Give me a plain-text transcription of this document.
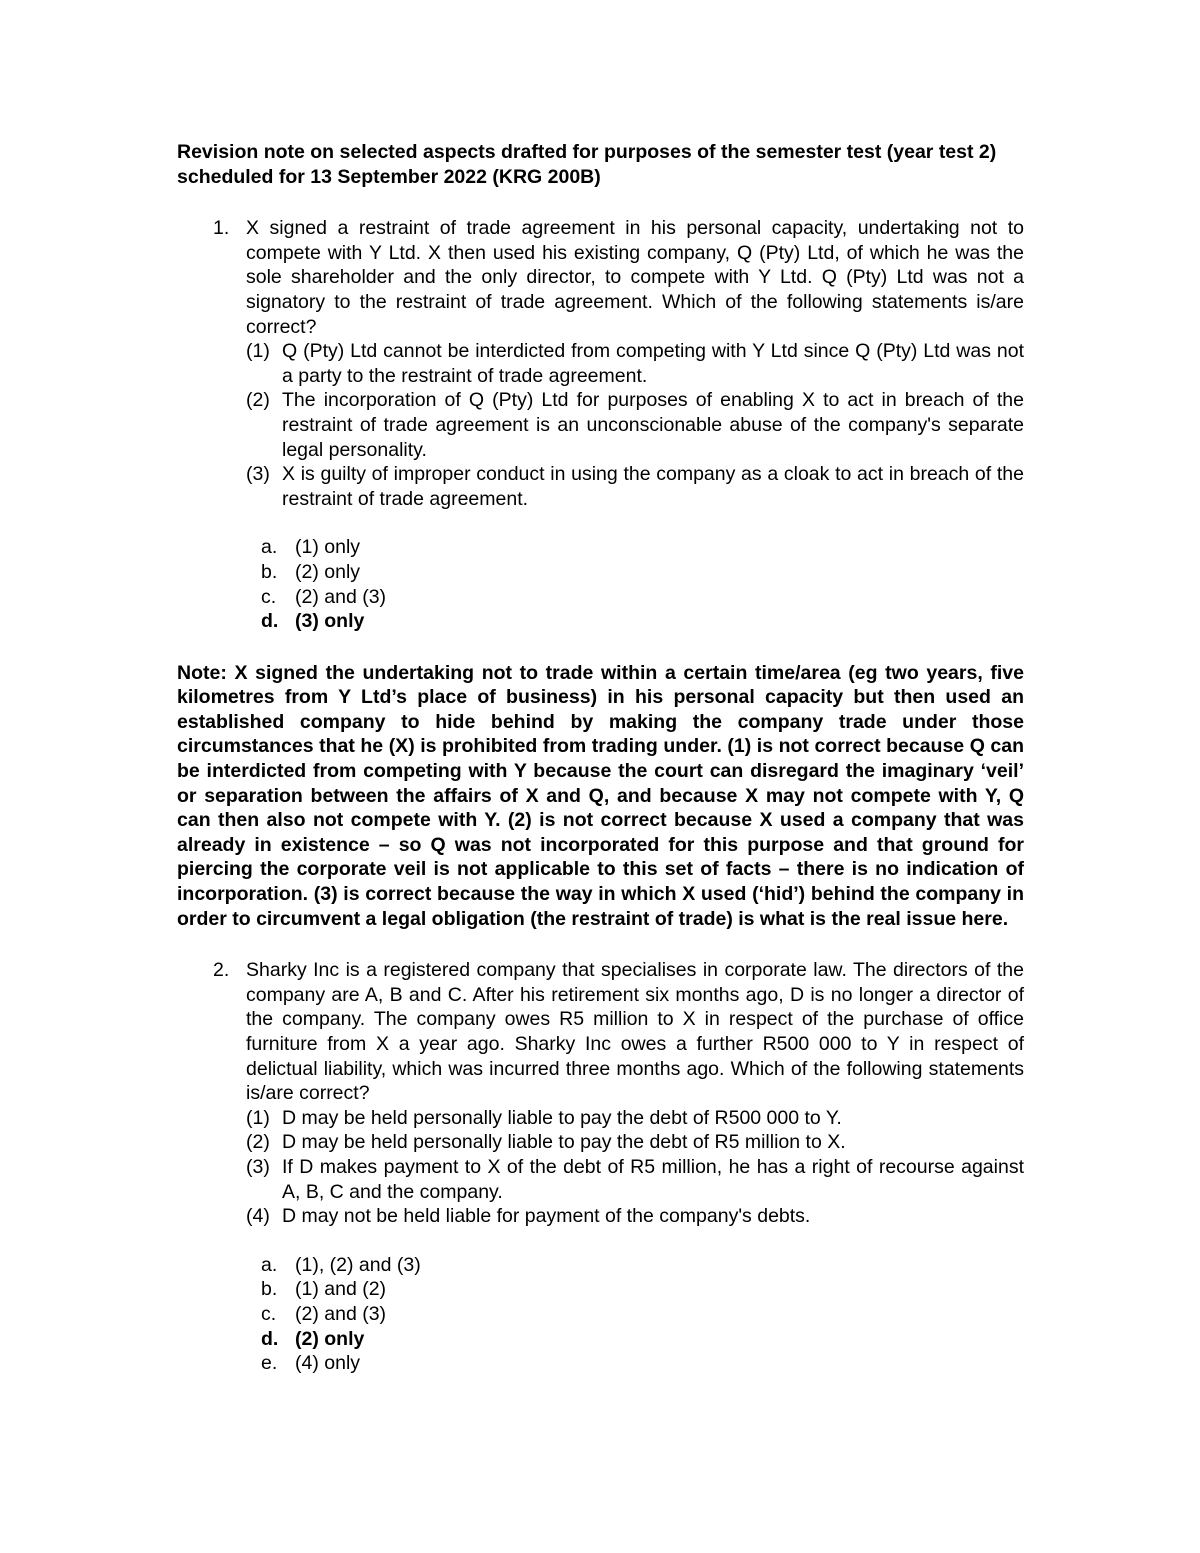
Revision note on selected aspects drafted for purposes of the semester test (year test 2) scheduled for 13 September 2022 (KRG 200B)

1. X signed a restraint of trade agreement in his personal capacity, undertaking not to compete with Y Ltd. X then used his existing company, Q (Pty) Ltd, of which he was the sole shareholder and the only director, to compete with Y Ltd. Q (Pty) Ltd was not a signatory to the restraint of trade agreement. Which of the following statements is/are correct?

(1) Q (Pty) Ltd cannot be interdicted from competing with Y Ltd since Q (Pty) Ltd was not a party to the restraint of trade agreement.
(2) The incorporation of Q (Pty) Ltd for purposes of enabling X to act in breach of the restraint of trade agreement is an unconscionable abuse of the company's separate legal personality.
(3) X is guilty of improper conduct in using the company as a cloak to act in breach of the restraint of trade agreement.
a. (1) only
b. (2) only
c. (2) and (3)
d. (3) only

Note: X signed the undertaking not to trade within a certain time/area (eg two years, five kilometres from Y Ltd’s place of business) in his personal capacity but then used an established company to hide behind by making the company trade under those circumstances that he (X) is prohibited from trading under. (1) is not correct because Q can be interdicted from competing with Y because the court can disregard the imaginary ‘veil’ or separation between the affairs of X and Q, and because X may not compete with Y, Q can then also not compete with Y. (2) is not correct because X used a company that was already in existence – so Q was not incorporated for this purpose and that ground for piercing the corporate veil is not applicable to this set of facts – there is no indication of incorporation. (3) is correct because the way in which X used (‘hid’) behind the company in order to circumvent a legal obligation (the restraint of trade) is what is the real issue here.

2. Sharky Inc is a registered company that specialises in corporate law. The directors of the company are A, B and C. After his retirement six months ago, D is no longer a director of the company. The company owes R5 million to X in respect of the purchase of office furniture from X a year ago. Sharky Inc owes a further R500 000 to Y in respect of delictual liability, which was incurred three months ago. Which of the following statements is/are correct?

(1) D may be held personally liable to pay the debt of R500 000 to Y.
(2) D may be held personally liable to pay the debt of R5 million to X.
(3) If D makes payment to X of the debt of R5 million, he has a right of recourse against A, B, C and the company.
(4) D may not be held liable for payment of the company's debts.
a. (1), (2) and (3)
b. (1) and (2)
c. (2) and (3)
d. (2) only
e. (4) only
